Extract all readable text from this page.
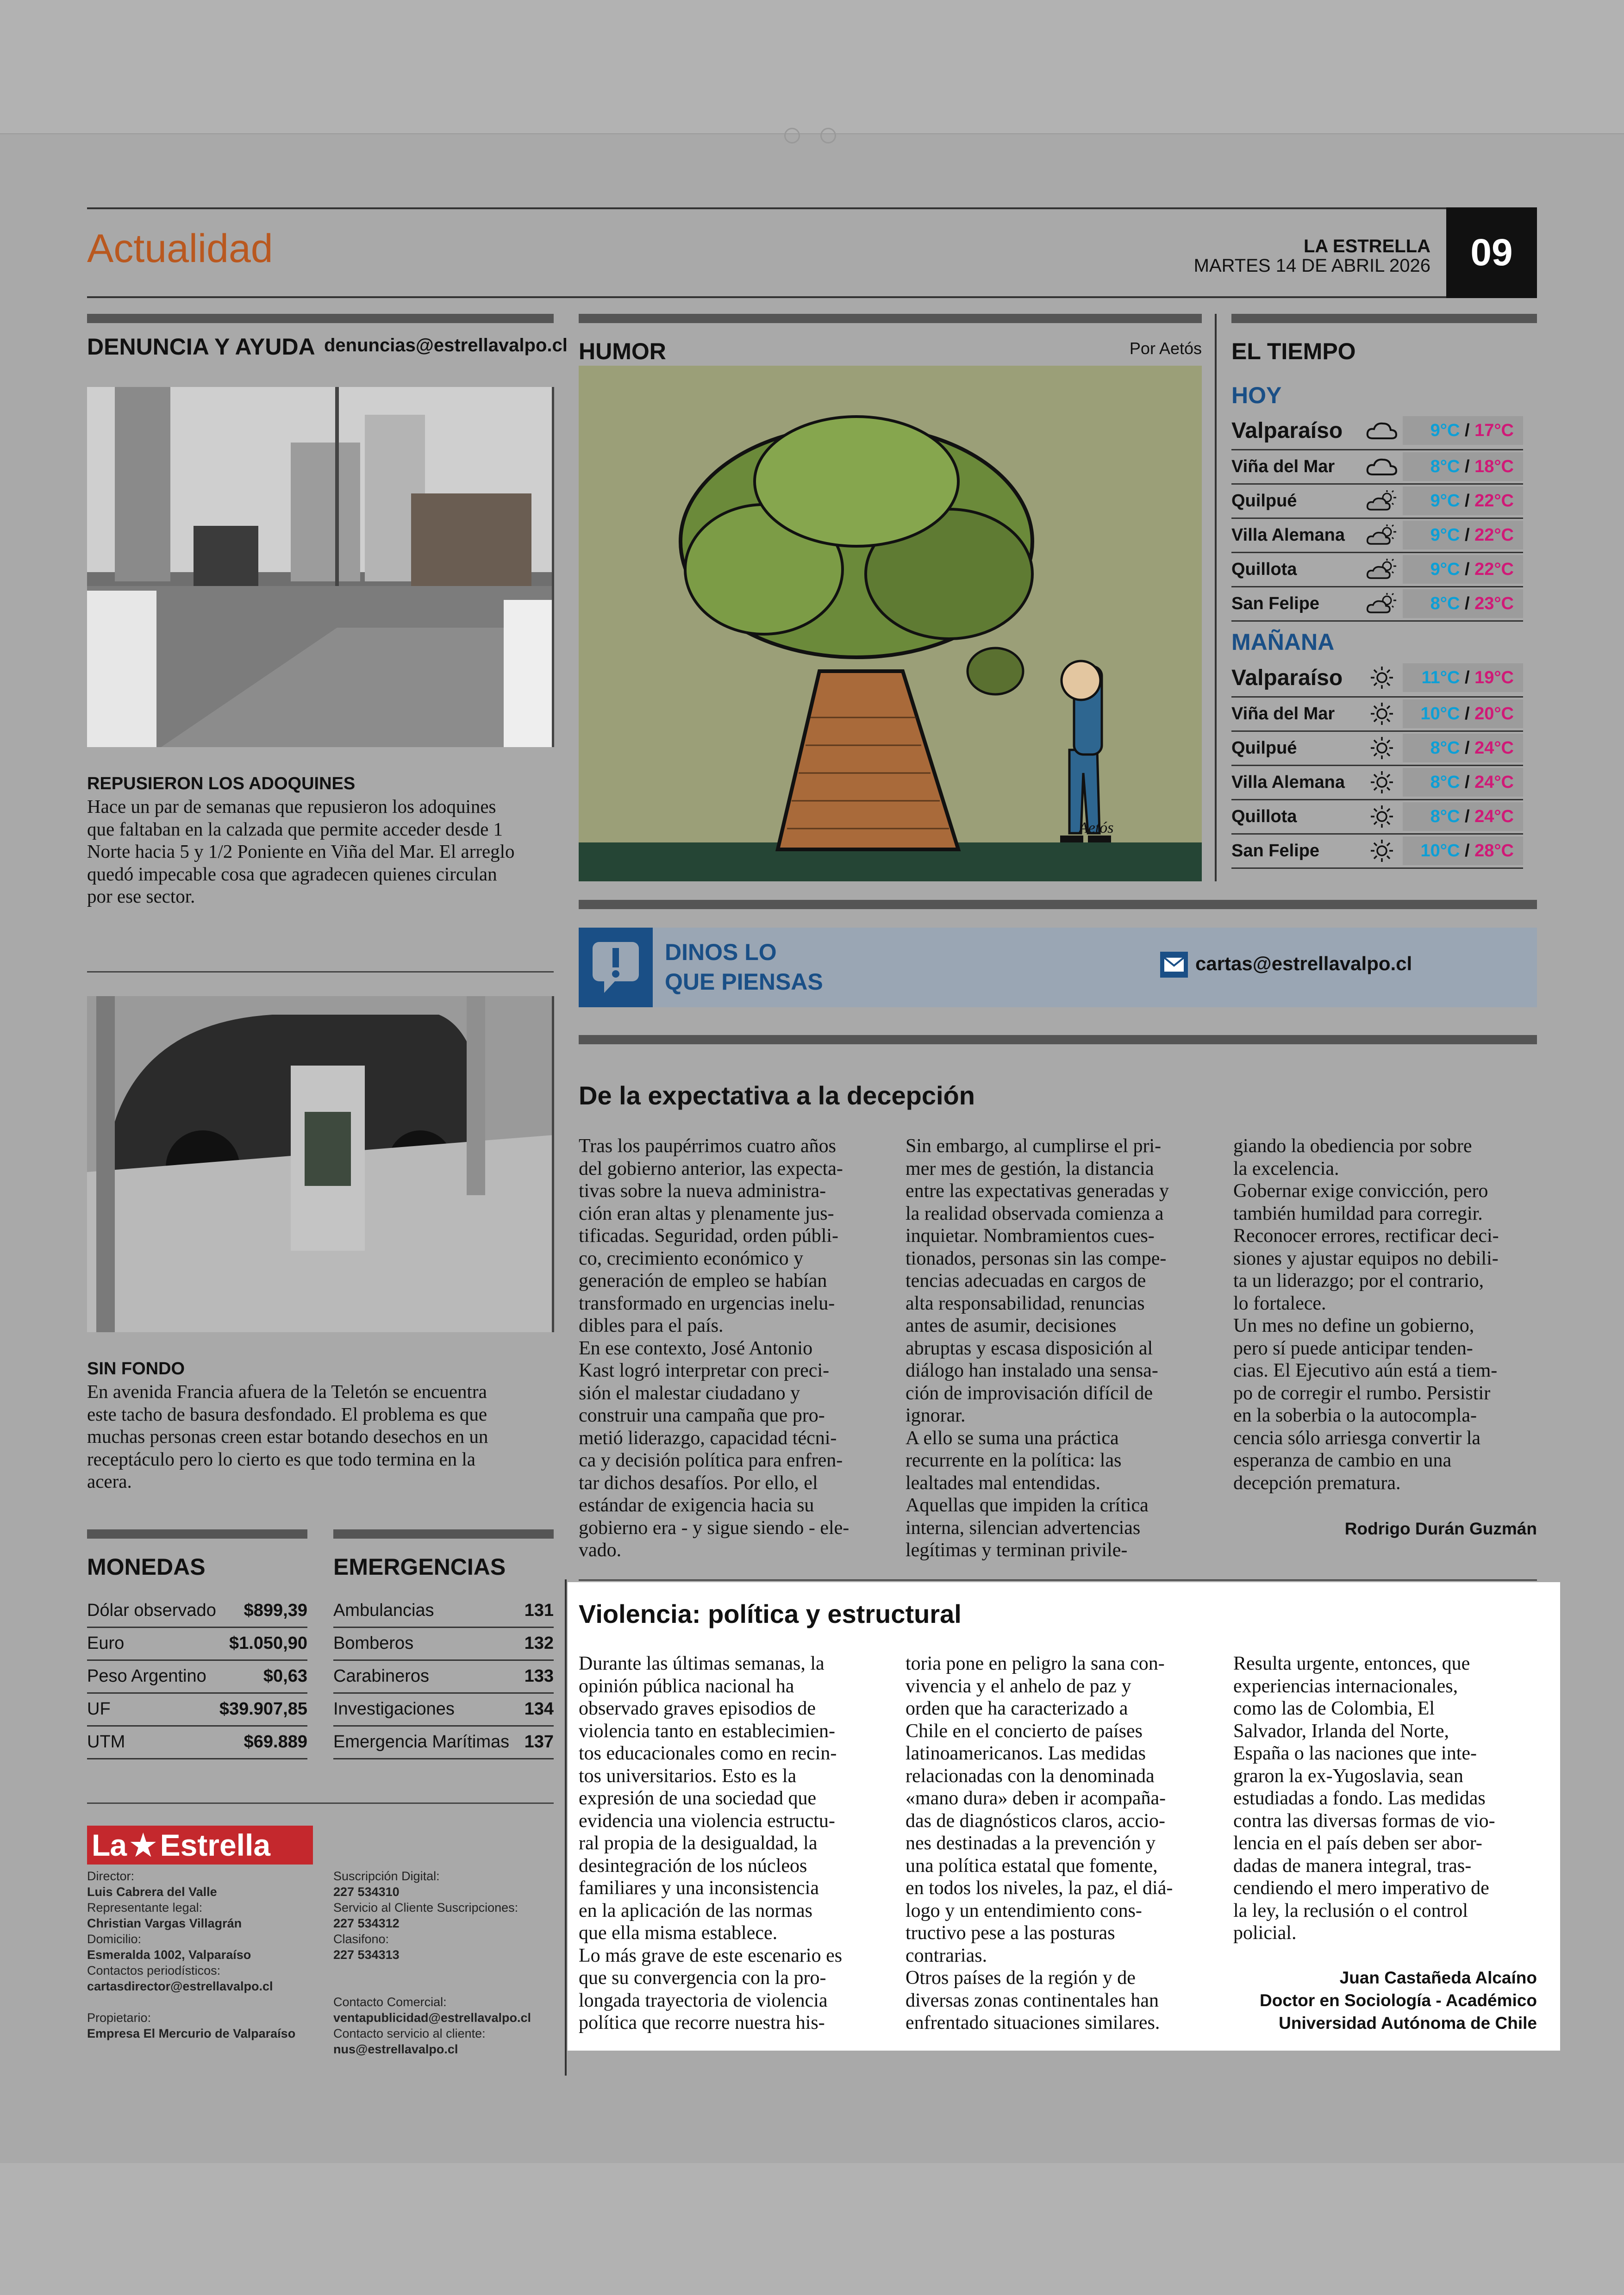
Actualidad	LA ESTRELLA
MARTES 14 DE ABRIL 2026	09
DENUNCIA Y AYUDA denuncias@estrellavalpo.cl
REPUSIERON LOS ADOQUINES
Hace un par de semanas que repusieron los adoquines
que faltaban en la calzada que permite acceder desde 1
Norte hacia 5 y 1/2 Poniente en Viña del Mar. El arreglo
quedó impecable cosa que agradecen quienes circulan
por ese sector.
SIN FONDO
En avenida Francia afuera de la Teletón se encuentra
este tacho de basura desfondado. El problema es que
muchas personas creen estar botando desechos en un
receptáculo pero lo cierto es que todo termina en la
acera.
HUMOR	Por Aetós
Aetós
EL TIEMPO
HOY
Valparaíso	9°C / 17°C
Viña del Mar	8°C / 18°C
Quilpué	9°C / 22°C
Villa Alemana	9°C / 22°C
Quillota	9°C / 22°C
San Felipe	8°C / 23°C
MAÑANA
Valparaíso	11°C / 19°C
Viña del Mar	10°C / 20°C
Quilpué	8°C / 24°C
Villa Alemana	8°C / 24°C
Quillota	8°C / 24°C
San Felipe	10°C / 28°C
DINOS LO
QUE PIENSAS
cartas@estrellavalpo.cl
De la expectativa a la decepción
Tras los paupérrimos cuatro años
del gobierno anterior, las expecta-
tivas sobre la nueva administra-
ción eran altas y plenamente jus-
tificadas. Seguridad, orden públi-
co, crecimiento económico y
generación de empleo se habían
transformado en urgencias inelu-
dibles para el país.
En ese contexto, José Antonio
Kast logró interpretar con preci-
sión el malestar ciudadano y
construir una campaña que pro-
metió liderazgo, capacidad técni-
ca y decisión política para enfren-
tar dichos desafíos. Por ello, el
estándar de exigencia hacia su
gobierno era - y sigue siendo - ele-
vado.
Sin embargo, al cumplirse el pri-
mer mes de gestión, la distancia
entre las expectativas generadas y
la realidad observada comienza a
inquietar. Nombramientos cues-
tionados, personas sin las compe-
tencias adecuadas en cargos de
alta responsabilidad, renuncias
antes de asumir, decisiones
abruptas y escasa disposición al
diálogo han instalado una sensa-
ción de improvisación difícil de
ignorar.
A ello se suma una práctica
recurrente en la política: las
lealtades mal entendidas.
Aquellas que impiden la crítica
interna, silencian advertencias
legítimas y terminan privile-
giando la obediencia por sobre
la excelencia.
Gobernar exige convicción, pero
también humildad para corregir.
Reconocer errores, rectificar deci-
siones y ajustar equipos no debili-
ta un liderazgo; por el contrario,
lo fortalece.
Un mes no define un gobierno,
pero sí puede anticipar tenden-
cias. El Ejecutivo aún está a tiem-
po de corregir el rumbo. Persistir
en la soberbia o la autocompla-
cencia sólo arriesga convertir la
esperanza de cambio en una
decepción prematura.
Rodrigo Durán Guzmán
MONEDAS
Dólar observado $899,39
Euro	$1.050,90
Peso Argentino	$0,63
UF	$39.907,85
UTM	$69.889
EMERGENCIAS
Ambulancias	131
Bomberos	132
Carabineros	133
Investigaciones	134
Emergencia Marítimas 137
La ★ Estrella
Director:
Luis Cabrera del Valle
Representante legal:
Christian Vargas Villagrán
Domicilio:
Esmeralda 1002, Valparaíso
Contactos periodísticos:
cartasdirector@estrellavalpo.cl
Propietario:
Empresa El Mercurio de Valparaíso
Suscripción Digital:
227 534310
Servicio al Cliente Suscripciones:
227 534312
Clasifono:
227 534313
Contacto Comercial:
ventapublicidad@estrellavalpo.cl
Contacto servicio al cliente:
nus@estrellavalpo.cl
Violencia: política y estructural
Durante las últimas semanas, la
opinión pública nacional ha
observado graves episodios de
violencia tanto en establecimien-
tos educacionales como en recin-
tos universitarios. Esto es la
expresión de una sociedad que
evidencia una violencia estructu-
ral propia de la desigualdad, la
desintegración de los núcleos
familiares y una inconsistencia
en la aplicación de las normas
que ella misma establece.
Lo más grave de este escenario es
que su convergencia con la pro-
longada trayectoria de violencia
política que recorre nuestra his-
toria pone en peligro la sana con-
vivencia y el anhelo de paz y
orden que ha caracterizado a
Chile en el concierto de países
latinoamericanos. Las medidas
relacionadas con la denominada
«mano dura» deben ir acompaña-
das de diagnósticos claros, accio-
nes destinadas a la prevención y
una política estatal que fomente,
en todos los niveles, la paz, el diá-
logo y un entendimiento cons-
tructivo pese a las posturas
contrarias.
Otros países de la región y de
diversas zonas continentales han
enfrentado situaciones similares.
Resulta urgente, entonces, que
experiencias internacionales,
como las de Colombia, El
Salvador, Irlanda del Norte,
España o las naciones que inte-
graron la ex-Yugoslavia, sean
estudiadas a fondo. Las medidas
contra las diversas formas de vio-
lencia en el país deben ser abor-
dadas de manera integral, tras-
cendiendo el mero imperativo de
la ley, la reclusión o el control
policial.
Juan Castañeda Alcaíno
Doctor en Sociología - Académico
Universidad Autónoma de Chile
